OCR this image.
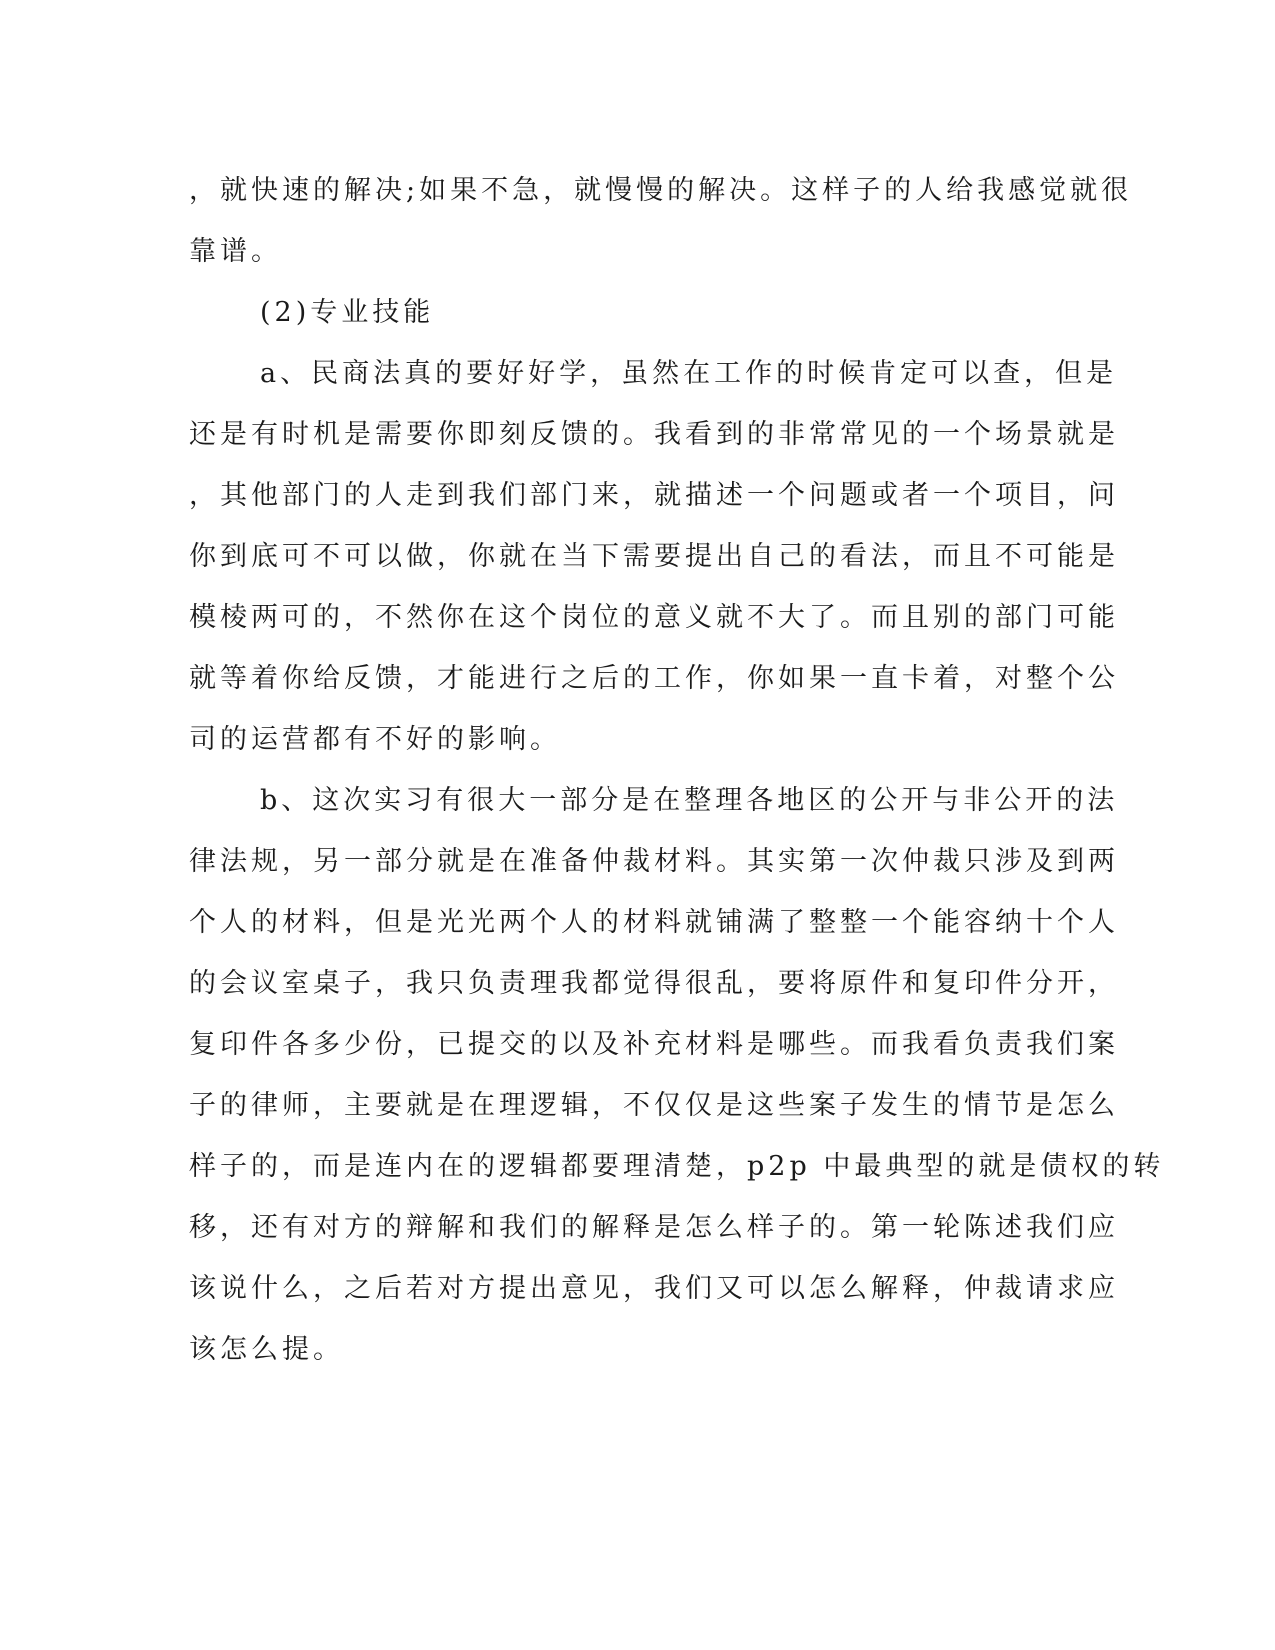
，就快速的解决;如果不急，就慢慢的解决。这样子的人给我感觉就很
靠谱。
(2)专业技能
a、民商法真的要好好学，虽然在工作的时候肯定可以查，但是
还是有时机是需要你即刻反馈的。我看到的非常常见的一个场景就是
，其他部门的人走到我们部门来，就描述一个问题或者一个项目，问
你到底可不可以做，你就在当下需要提出自己的看法，而且不可能是
模棱两可的，不然你在这个岗位的意义就不大了。而且别的部门可能
就等着你给反馈，才能进行之后的工作，你如果一直卡着，对整个公
司的运营都有不好的影响。
b、这次实习有很大一部分是在整理各地区的公开与非公开的法
律法规，另一部分就是在准备仲裁材料。其实第一次仲裁只涉及到两
个人的材料，但是光光两个人的材料就铺满了整整一个能容纳十个人
的会议室桌子，我只负责理我都觉得很乱，要将原件和复印件分开，
复印件各多少份，已提交的以及补充材料是哪些。而我看负责我们案
子的律师，主要就是在理逻辑，不仅仅是这些案子发生的情节是怎么
样子的，而是连内在的逻辑都要理清楚，p2p 中最典型的就是债权的转
移，还有对方的辩解和我们的解释是怎么样子的。第一轮陈述我们应
该说什么，之后若对方提出意见，我们又可以怎么解释，仲裁请求应
该怎么提。
